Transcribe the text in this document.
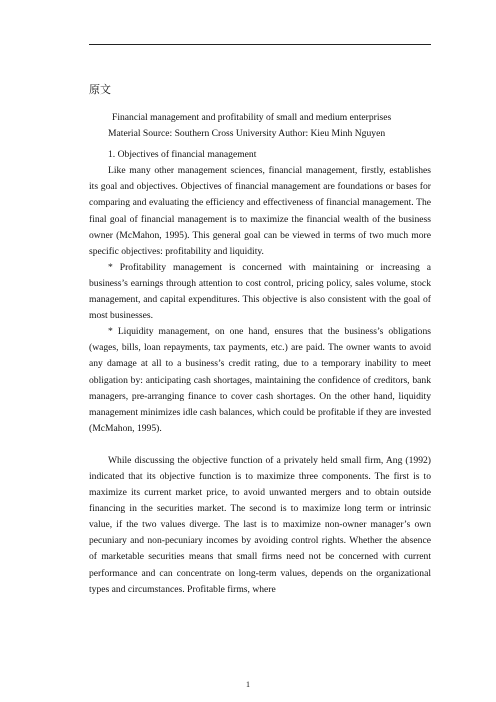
原文

Financial management and profitability of small and medium enterprises

Material Source: Southern Cross University Author: Kieu Minh Nguyen

1. Objectives of financial management

Like many other management sciences, financial management, firstly, establishes its goal and objectives. Objectives of financial management are foundations or bases for comparing and evaluating the efficiency and effectiveness of financial management. The final goal of financial management is to maximize the financial wealth of the business owner (McMahon, 1995). This general goal can be viewed in terms of two much more specific objectives: profitability and liquidity.

* Profitability management is concerned with maintaining or increasing a business’s earnings through attention to cost control, pricing policy, sales volume, stock management, and capital expenditures. This objective is also consistent with the goal of most businesses.

* Liquidity management, on one hand, ensures that the business’s obligations (wages, bills, loan repayments, tax payments, etc.) are paid. The owner wants to avoid any damage at all to a business’s credit rating, due to a temporary inability to meet obligation by: anticipating cash shortages, maintaining the confidence of creditors, bank managers, pre-arranging finance to cover cash shortages. On the other hand, liquidity management minimizes idle cash balances, which could be profitable if they are invested (McMahon, 1995).

While discussing the objective function of a privately held small firm, Ang (1992) indicated that its objective function is to maximize three components. The first is to maximize its current market price, to avoid unwanted mergers and to obtain outside financing in the securities market. The second is to maximize long term or intrinsic value, if the two values diverge. The last is to maximize non-owner manager’s own pecuniary and non-pecuniary incomes by avoiding control rights. Whether the absence of marketable securities means that small firms need not be concerned with current performance and can concentrate on long-term values, depends on the organizational types and circumstances. Profitable firms, where

1
